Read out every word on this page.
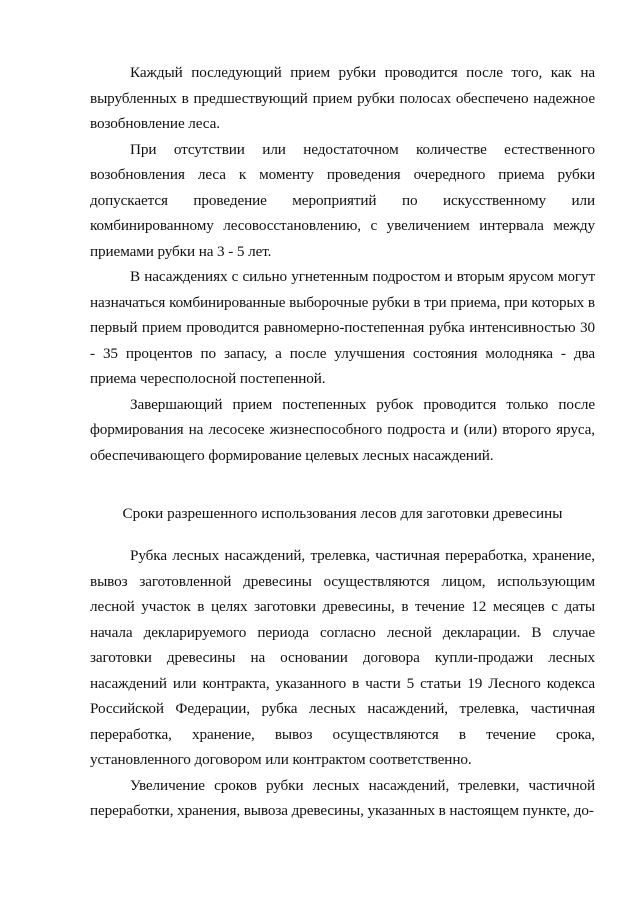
Каждый последующий прием рубки проводится после того, как на вырубленных в предшествующий прием рубки полосах обеспечено надежное возобновление леса.

При отсутствии или недостаточном количестве естественного возобновления леса к моменту проведения очередного приема рубки допускается проведение мероприятий по искусственному или комбинированному лесовосстановлению, с увеличением интервала между приемами рубки на 3 - 5 лет.

В насаждениях с сильно угнетенным подростом и вторым ярусом могут назначаться комбинированные выборочные рубки в три приема, при которых в первый прием проводится равномерно-постепенная рубка интенсивностью 30 - 35 процентов по запасу, а после улучшения состояния молодняка - два приема чересполосной постепенной.

Завершающий прием постепенных рубок проводится только после формирования на лесосеке жизнеспособного подроста и (или) второго яруса, обеспечивающего формирование целевых лесных насаждений.

Сроки разрешенного использования лесов для заготовки древесины

Рубка лесных насаждений, трелевка, частичная переработка, хранение, вывоз заготовленной древесины осуществляются лицом, использующим лесной участок в целях заготовки древесины, в течение 12 месяцев с даты начала декларируемого периода согласно лесной декларации. В случае заготовки древесины на основании договора купли-продажи лесных насаждений или контракта, указанного в части 5 статьи 19 Лесного кодекса Российской Федерации, рубка лесных насаждений, трелевка, частичная переработка, хранение, вывоз осуществляются в течение срока, установленного договором или контрактом соответственно.

Увеличение сроков рубки лесных насаждений, трелевки, частичной переработки, хранения, вывоза древесины, указанных в настоящем пункте, до-
